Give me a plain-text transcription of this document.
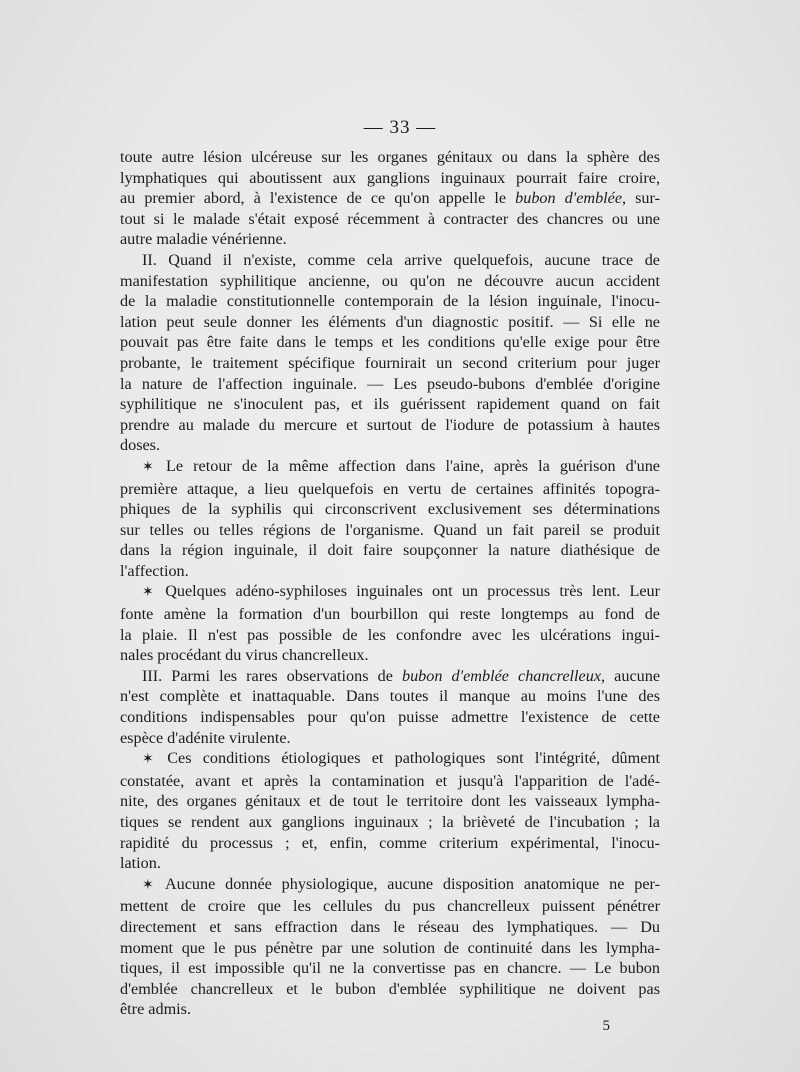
— 33 —

toute autre lésion ulcéreuse sur les organes génitaux ou dans la sphère des
lymphatiques qui aboutissent aux ganglions inguinaux pourrait faire croire,
au premier abord, à l'existence de ce qu'on appelle le bubon d'emblée, sur-
tout si le malade s'était exposé récemment à contracter des chancres ou une
autre maladie vénérienne.

II. Quand il n'existe, comme cela arrive quelquefois, aucune trace de
manifestation syphilitique ancienne, ou qu'on ne découvre aucun accident
de la maladie constitutionnelle contemporain de la lésion inguinale, l'inocu-
lation peut seule donner les éléments d'un diagnostic positif. — Si elle ne
pouvait pas être faite dans le temps et les conditions qu'elle exige pour être
probante, le traitement spécifique fournirait un second criterium pour juger
la nature de l'affection inguinale. — Les pseudo-bubons d'emblée d'origine
syphilitique ne s'inoculent pas, et ils guérissent rapidement quand on fait
prendre au malade du mercure et surtout de l'iodure de potassium à hautes
doses.

✶ Le retour de la même affection dans l'aine, après la guérison d'une
première attaque, a lieu quelquefois en vertu de certaines affinités topogra-
phiques de la syphilis qui circonscrivent exclusivement ses déterminations
sur telles ou telles régions de l'organisme. Quand un fait pareil se produit
dans la région inguinale, il doit faire soupçonner la nature diathésique de
l'affection.

✶ Quelques adéno-syphiloses inguinales ont un processus très lent. Leur
fonte amène la formation d'un bourbillon qui reste longtemps au fond de
la plaie. Il n'est pas possible de les confondre avec les ulcérations ingui-
nales procédant du virus chancrelleux.

III. Parmi les rares observations de bubon d'emblée chancrelleux, aucune
n'est complète et inattaquable. Dans toutes il manque au moins l'une des
conditions indispensables pour qu'on puisse admettre l'existence de cette
espèce d'adénite virulente.

✶ Ces conditions étiologiques et pathologiques sont l'intégrité, dûment
constatée, avant et après la contamination et jusqu'à l'apparition de l'adé-
nite, des organes génitaux et de tout le territoire dont les vaisseaux lympha-
tiques se rendent aux ganglions inguinaux ; la brièveté de l'incubation ; la
rapidité du processus ; et, enfin, comme criterium expérimental, l'inocu-
lation.

✶ Aucune donnée physiologique, aucune disposition anatomique ne per-
mettent de croire que les cellules du pus chancrelleux puissent pénétrer
directement et sans effraction dans le réseau des lymphatiques. — Du
moment que le pus pénètre par une solution de continuité dans les lympha-
tiques, il est impossible qu'il ne la convertisse pas en chancre. — Le bubon
d'emblée chancrelleux et le bubon d'emblée syphilitique ne doivent pas
être admis.

5
